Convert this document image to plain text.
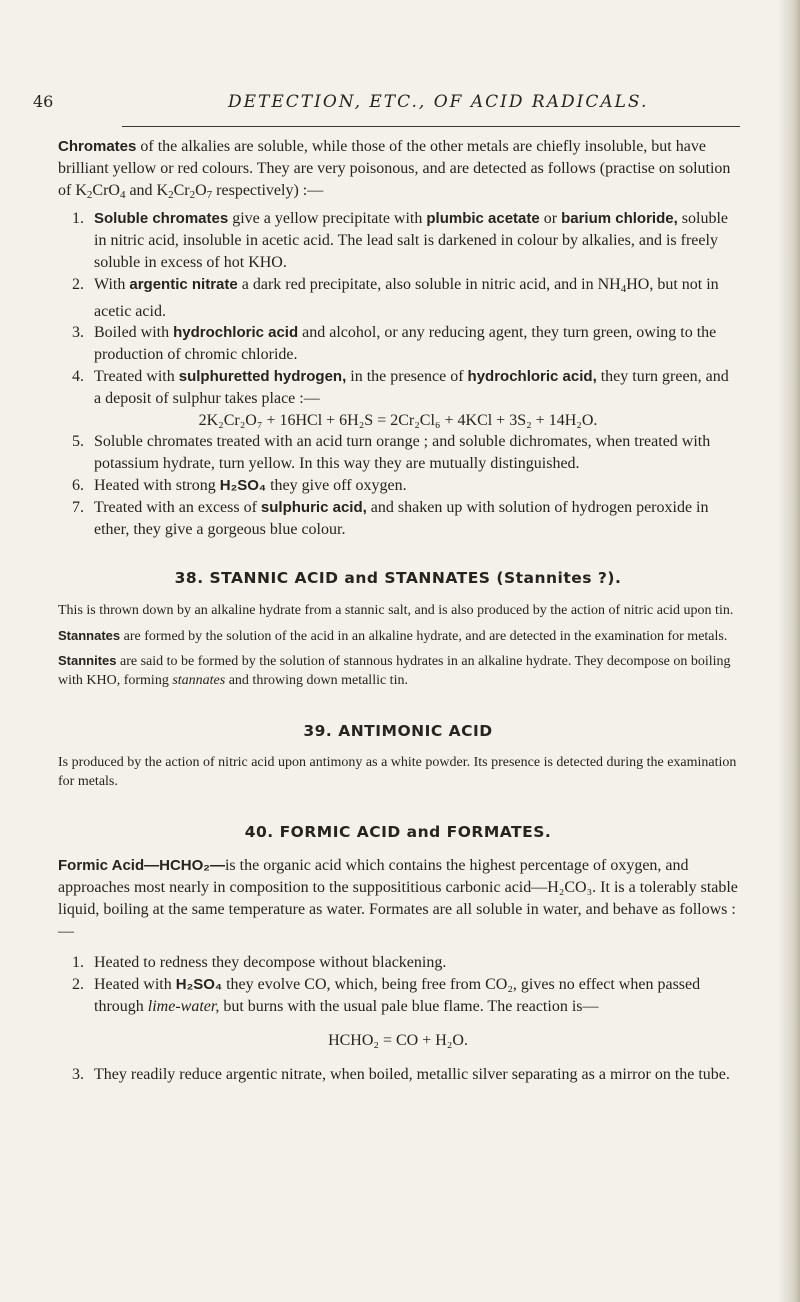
46	DETECTION, ETC., OF ACID RADICALS.

Chromates of the alkalies are soluble, while those of the other metals are chiefly insoluble, but have brilliant yellow or red colours. They are very poisonous, and are detected as follows (practise on solution of $K_2CrO_4$ and $K_2Cr_2O_7$ respectively) :—

1. Soluble chromates give a yellow precipitate with plumbic acetate or barium chloride, soluble in nitric acid, insoluble in acetic acid. The lead salt is darkened in colour by alkalies, and is freely soluble in excess of hot KHO.

2. With argentic nitrate a dark red precipitate, also soluble in nitric acid, and in $NH_4HO$, but not in acetic acid.

3. Boiled with hydrochloric acid and alcohol, or any reducing agent, they turn green, owing to the production of chromic chloride.

4. Treated with sulphuretted hydrogen, in the presence of hydrochloric acid, they turn green, and a deposit of sulphur takes place :—

2K₂Cr₂O₇ + 16HCl + 6H₂S = 2Cr₂Cl₆ + 4KCl + 3S₂ + 14H₂O.

5. Soluble chromates treated with an acid turn orange ; and soluble dichromates, when treated with potassium hydrate, turn yellow. In this way they are mutually distinguished.

6. Heated with strong H₂SO₄ they give off oxygen.

7. Treated with an excess of sulphuric acid, and shaken up with solution of hydrogen peroxide in ether, they give a gorgeous blue colour.

38. STANNIC ACID and STANNATES (Stannites ?).

This is thrown down by an alkaline hydrate from a stannic salt, and is also produced by the action of nitric acid upon tin.

Stannates are formed by the solution of the acid in an alkaline hydrate, and are detected in the examination for metals.

Stannites are said to be formed by the solution of stannous hydrates in an alkaline hydrate. They decompose on boiling with KHO, forming stannates and throwing down metallic tin.

39. ANTIMONIC ACID

Is produced by the action of nitric acid upon antimony as a white powder. Its presence is detected during the examination for metals.

40. FORMIC ACID and FORMATES.

Formic Acid—HCHO₂—is the organic acid which contains the highest percentage of oxygen, and approaches most nearly in composition to the supposititious carbonic acid—H₂CO₃. It is a tolerably stable liquid, boiling at the same temperature as water. Formates are all soluble in water, and behave as follows :—

1. Heated to redness they decompose without blackening.

2. Heated with H₂SO₄ they evolve CO, which, being free from CO₂, gives no effect when passed through lime-water, but burns with the usual pale blue flame. The reaction is—

HCHO₂ = CO + H₂O.

3. They readily reduce argentic nitrate, when boiled, metallic silver separating as a mirror on the tube.
